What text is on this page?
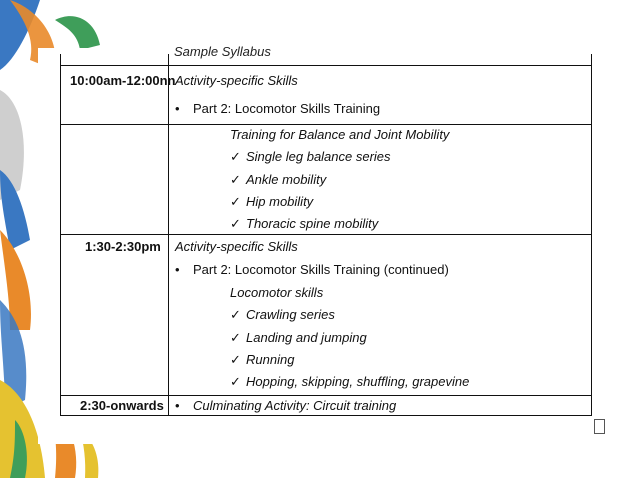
Sample Syllabus
10:00am-12:00nn Activity-specific Skills
• Part 2: Locomotor Skills Training
Training for Balance and Joint Mobility
✓ Single leg balance series
✓ Ankle mobility
✓ Hip mobility
✓ Thoracic spine mobility
1:30-2:30pm Activity-specific Skills
• Part 2: Locomotor Skills Training (continued)
Locomotor skills
✓ Crawling series
✓ Landing and jumping
✓ Running
✓ Hopping, skipping, shuffling, grapevine
2:30-onwards • Culminating Activity: Circuit training
